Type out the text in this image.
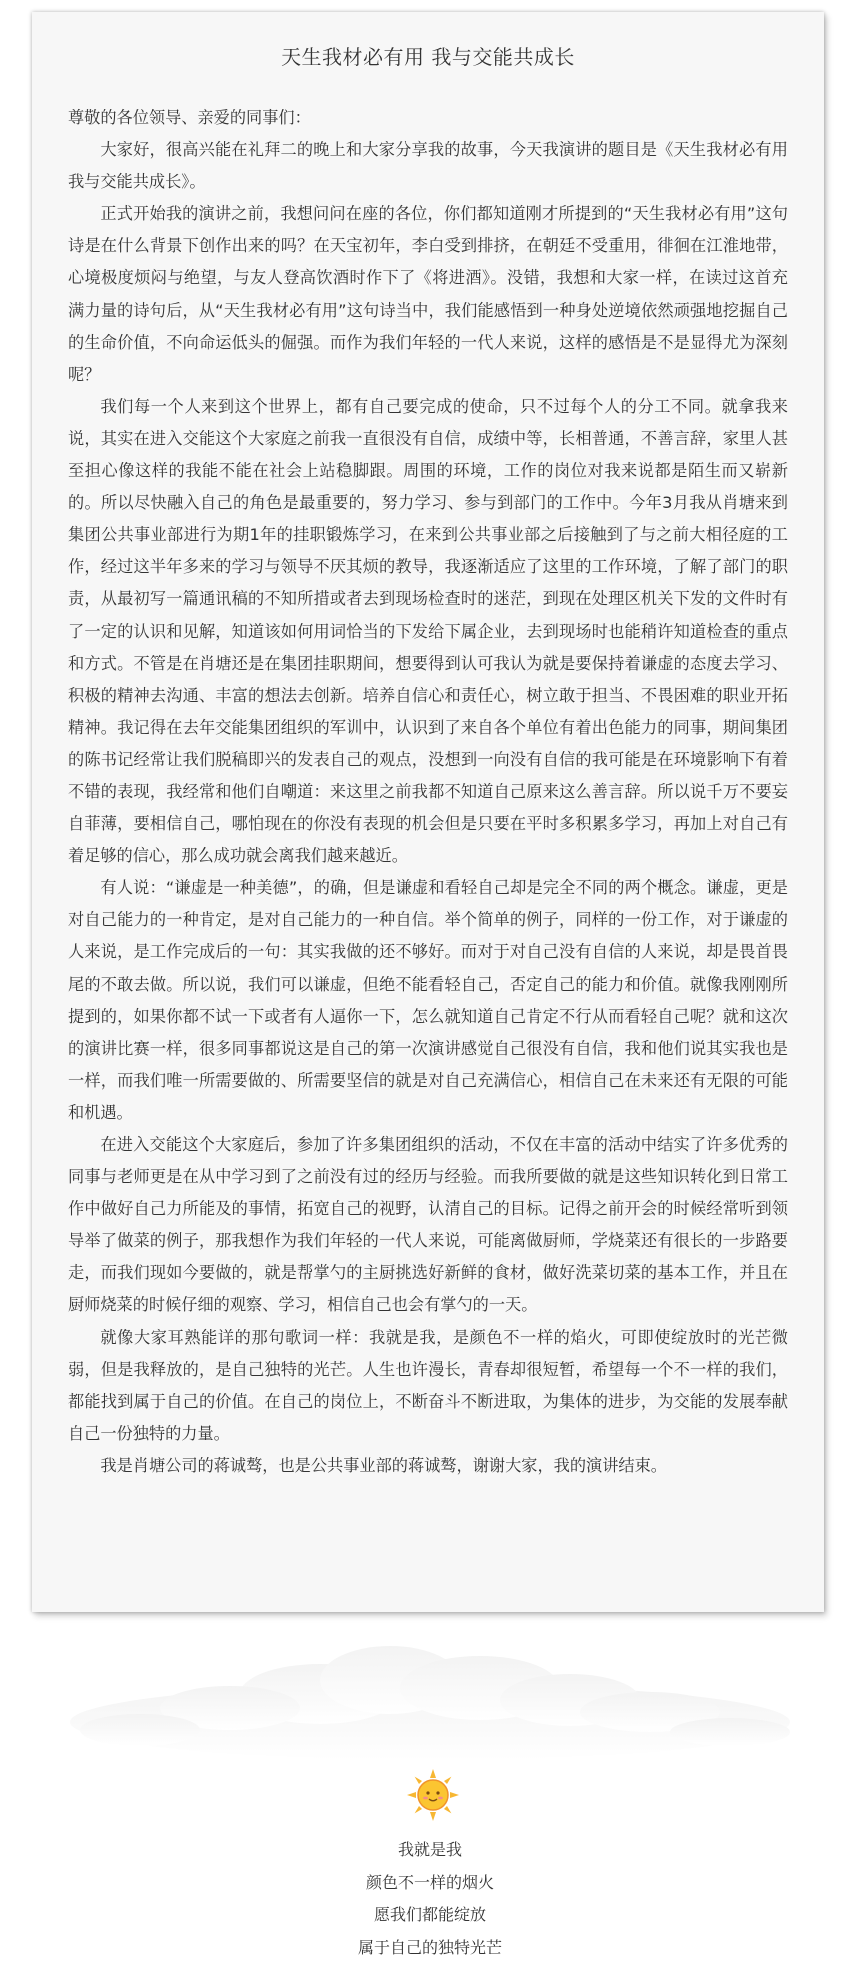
天生我材必有用 我与交能共成长

尊敬的各位领导、亲爱的同事们：

大家好，很高兴能在礼拜二的晚上和大家分享我的故事，今天我演讲的题目是《天生我材必有用 我与交能共成长》。

正式开始我的演讲之前，我想问问在座的各位，你们都知道刚才所提到的“天生我材必有用”这句诗是在什么背景下创作出来的吗？在天宝初年，李白受到排挤，在朝廷不受重用，徘徊在江淮地带，心境极度烦闷与绝望，与友人登高饮酒时作下了《将进酒》。没错，我想和大家一样，在读过这首充满力量的诗句后，从“天生我材必有用”这句诗当中，我们能感悟到一种身处逆境依然顽强地挖掘自己的生命价值，不向命运低头的倔强。而作为我们年轻的一代人来说，这样的感悟是不是显得尤为深刻呢？

我们每一个人来到这个世界上，都有自己要完成的使命，只不过每个人的分工不同。就拿我来说，其实在进入交能这个大家庭之前我一直很没有自信，成绩中等，长相普通，不善言辞，家里人甚至担心像这样的我能不能在社会上站稳脚跟。周围的环境，工作的岗位对我来说都是陌生而又崭新的。所以尽快融入自己的角色是最重要的，努力学习、参与到部门的工作中。今年3月我从肖塘来到集团公共事业部进行为期1年的挂职锻炼学习，在来到公共事业部之后接触到了与之前大相径庭的工作，经过这半年多来的学习与领导不厌其烦的教导，我逐渐适应了这里的工作环境，了解了部门的职责，从最初写一篇通讯稿的不知所措或者去到现场检查时的迷茫，到现在处理区机关下发的文件时有了一定的认识和见解，知道该如何用词恰当的下发给下属企业，去到现场时也能稍许知道检查的重点和方式。不管是在肖塘还是在集团挂职期间，想要得到认可我认为就是要保持着谦虚的态度去学习、积极的精神去沟通、丰富的想法去创新。培养自信心和责任心，树立敢于担当、不畏困难的职业开拓精神。我记得在去年交能集团组织的军训中，认识到了来自各个单位有着出色能力的同事，期间集团的陈书记经常让我们脱稿即兴的发表自己的观点，没想到一向没有自信的我可能是在环境影响下有着不错的表现，我经常和他们自嘲道：来这里之前我都不知道自己原来这么善言辞。所以说千万不要妄自菲薄，要相信自己，哪怕现在的你没有表现的机会但是只要在平时多积累多学习，再加上对自己有着足够的信心，那么成功就会离我们越来越近。

有人说：“谦虚是一种美德”，的确，但是谦虚和看轻自己却是完全不同的两个概念。谦虚，更是对自己能力的一种肯定，是对自己能力的一种自信。举个简单的例子，同样的一份工作，对于谦虚的人来说，是工作完成后的一句：其实我做的还不够好。而对于对自己没有自信的人来说，却是畏首畏尾的不敢去做。所以说，我们可以谦虚，但绝不能看轻自己，否定自己的能力和价值。就像我刚刚所提到的，如果你都不试一下或者有人逼你一下，怎么就知道自己肯定不行从而看轻自己呢？就和这次的演讲比赛一样，很多同事都说这是自己的第一次演讲感觉自己很没有自信，我和他们说其实我也是一样，而我们唯一所需要做的、所需要坚信的就是对自己充满信心，相信自己在未来还有无限的可能和机遇。

在进入交能这个大家庭后，参加了许多集团组织的活动，不仅在丰富的活动中结实了许多优秀的同事与老师更是在从中学习到了之前没有过的经历与经验。而我所要做的就是这些知识转化到日常工作中做好自己力所能及的事情，拓宽自己的视野，认清自己的目标。记得之前开会的时候经常听到领导举了做菜的例子，那我想作为我们年轻的一代人来说，可能离做厨师，学烧菜还有很长的一步路要走，而我们现如今要做的，就是帮掌勺的主厨挑选好新鲜的食材，做好洗菜切菜的基本工作，并且在厨师烧菜的时候仔细的观察、学习，相信自己也会有掌勺的一天。

就像大家耳熟能详的那句歌词一样：我就是我，是颜色不一样的焰火，可即使绽放时的光芒微弱，但是我释放的，是自己独特的光芒。人生也许漫长，青春却很短暂，希望每一个不一样的我们，都能找到属于自己的价值。在自己的岗位上，不断奋斗不断进取，为集体的进步，为交能的发展奉献自己一份独特的力量。

我是肖塘公司的蒋诚骜，也是公共事业部的蒋诚骜，谢谢大家，我的演讲结束。

我就是我
颜色不一样的烟火
愿我们都能绽放
属于自己的独特光芒
